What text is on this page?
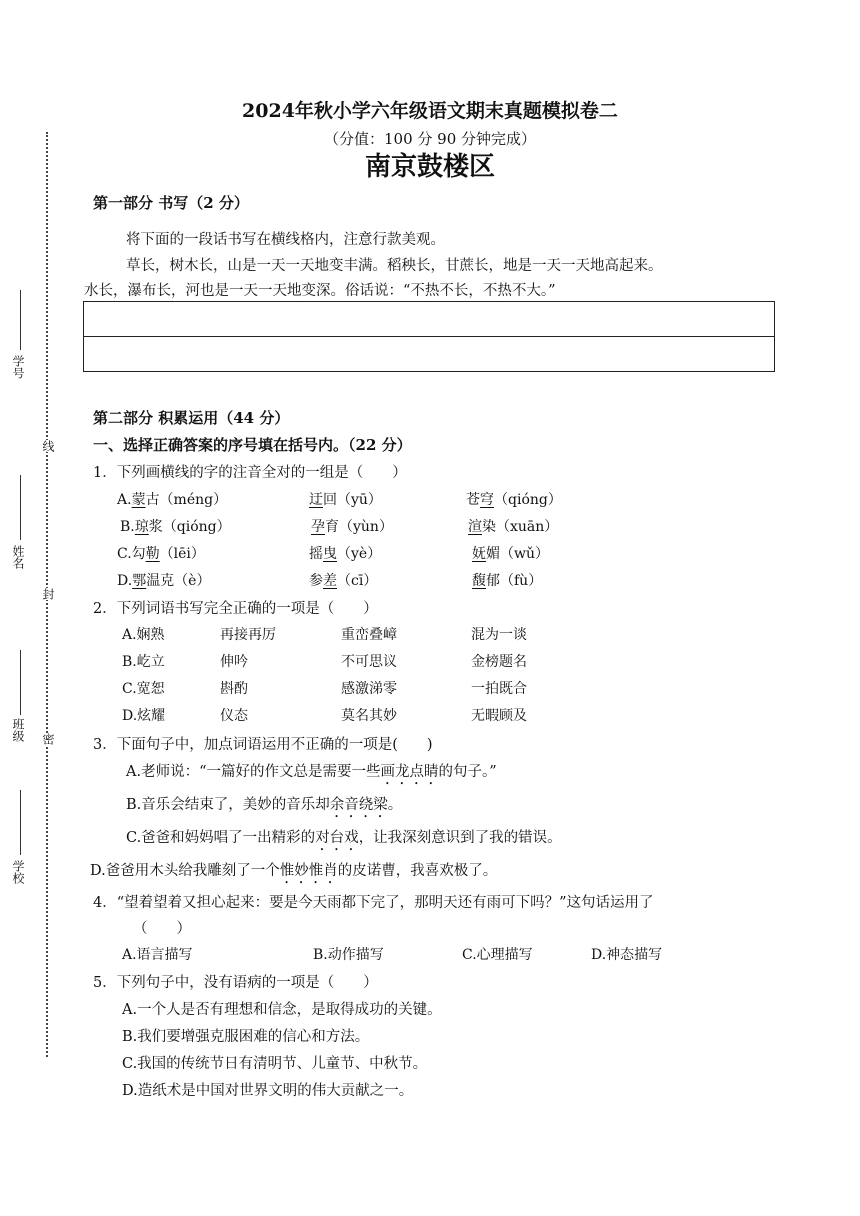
学号
姓名
班级
学校
线
封
密
2024年秋小学六年级语文期末真题模拟卷二
（分值：100 分 90 分钟完成）
南京鼓楼区
第一部分 书写（2 分）
将下面的一段话书写在横线格内，注意行款美观。
草长，树木长，山是一天一天地变丰满。稻秧长，甘蔗长，地是一天一天地高起来。
水长，瀑布长，河也是一天一天地变深。俗话说：“不热不长，不热不大。”
第二部分 积累运用（44 分）
一、选择正确答案的序号填在括号内。（22 分）
1．下列画横线的字的注音全对的一组是（　　）
A.蒙古（méng）	迂回（yū）	苍穹（qióng）
B.琼浆（qióng）	孕育（yùn）	渲染（xuān）
C.勾勒（lēi）	摇曳（yè）	妩媚（wǔ）
D.鄂温克（è）	参差（cī）	馥郁（fù）
2．下列词语书写完全正确的一项是（　　）
A.娴熟	再接再厉	重峦叠嶂	混为一谈
B.屹立	伸吟	不可思议	金榜题名
C.宽恕	斟酌	感激涕零	一拍既合
D.炫耀	仪态	莫名其妙	无暇顾及
3．下面句子中，加点词语运用不正确的一项是(　　)
A.老师说：“一篇好的作文总是需要一些画龙点睛的句子。”
B.音乐会结束了，美妙的音乐却余音绕梁。
C.爸爸和妈妈唱了一出精彩的对台戏，让我深刻意识到了我的错误。
D.爸爸用木头给我雕刻了一个惟妙惟肖的皮诺曹，我喜欢极了。
4．“望着望着又担心起来：要是今天雨都下完了，那明天还有雨可下吗？”这句话运用了
（　　）
A.语言描写	B.动作描写	C.心理描写	D.神态描写
5．下列句子中，没有语病的一项是（　　）
A.一个人是否有理想和信念，是取得成功的关键。
B.我们要增强克服困难的信心和方法。
C.我国的传统节日有清明节、儿童节、中秋节。
D.造纸术是中国对世界文明的伟大贡献之一。
